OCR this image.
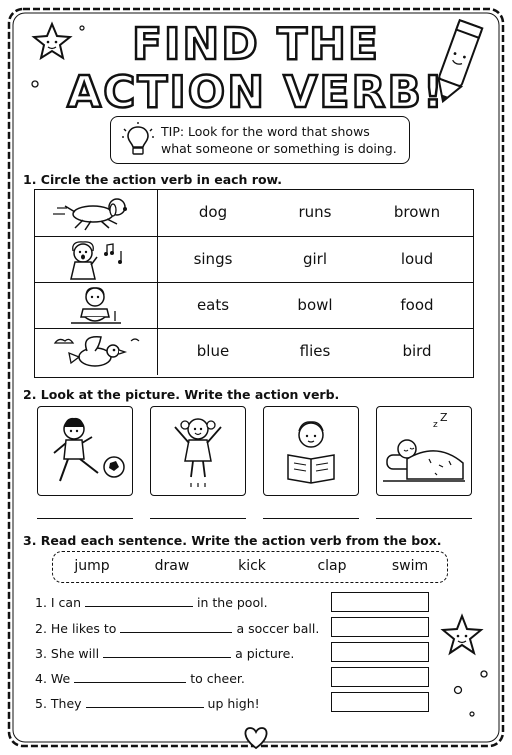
FIND THE
ACTION VERB!
TIP: Look for the word that shows what someone or something is doing.
1. Circle the action verb in each row.
dog	runs	brown
sings	girl	loud
eats	bowl	food
blue	flies	bird
2. Look at the picture. Write the action verb.
z
Z
3. Read each sentence. Write the action verb from the box.
jump	draw	kick	clap	swim
1. I can	in the pool.
2. He likes to	a soccer ball.
3. She will	a picture.
4. We	to cheer.
5. They	up high!
